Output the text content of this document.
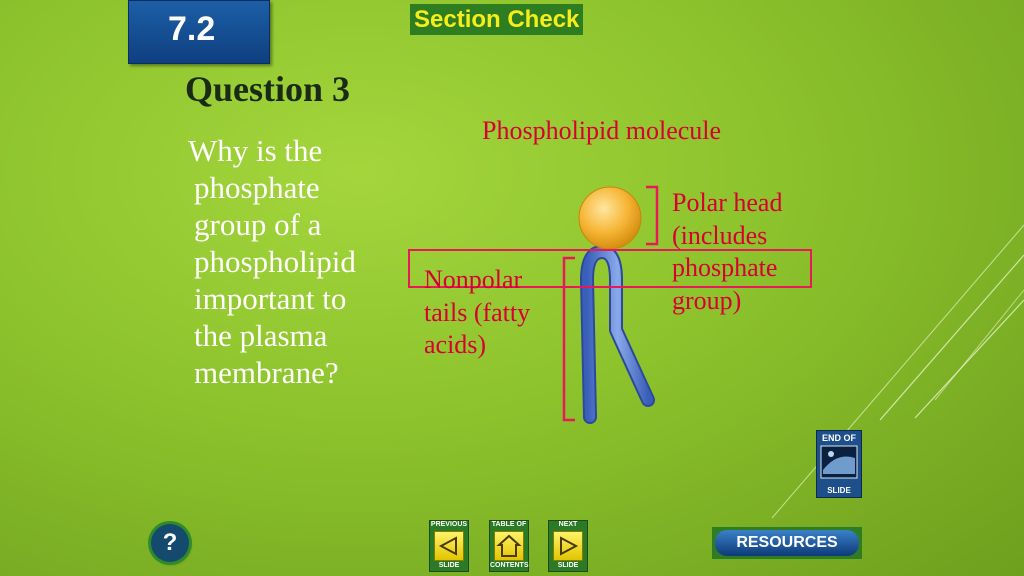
7.2	Section Check
Question 3

Why is the phosphate group of a phospholipid important to the plasma membrane?

Phospholipid molecule
Polar head (includes phosphate group)
Nonpolar tails (fatty acids)
?
PREVIOUS
SLIDE
TABLE OF
CONTENTS
NEXT
SLIDE
END OF
SLIDE
RESOURCES
